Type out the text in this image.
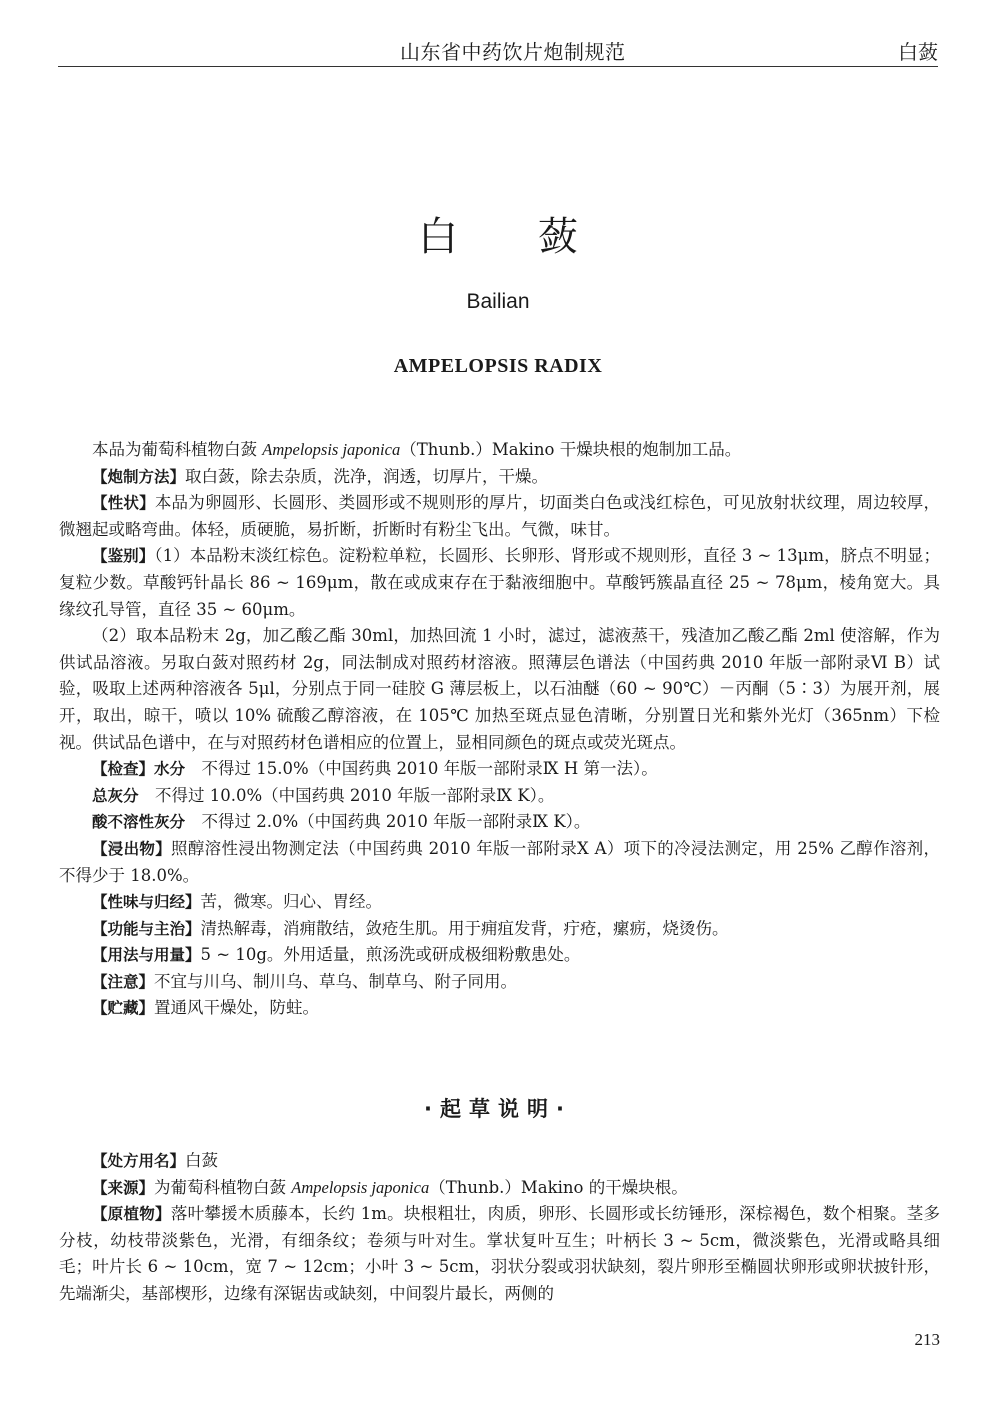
山东省中药饮片炮制规范	白蔹
白蔹
Bailian
AMPELOPSIS RADIX

本品为葡萄科植物白蔹 Ampelopsis japonica（Thunb.）Makino 干燥块根的炮制加工品。

【炮制方法】取白蔹，除去杂质，洗净，润透，切厚片，干燥。

【性状】本品为卵圆形、长圆形、类圆形或不规则形的厚片，切面类白色或浅红棕色，可见放射状纹理，周边较厚，微翘起或略弯曲。体轻，质硬脆，易折断，折断时有粉尘飞出。气微，味甘。

【鉴别】（1）本品粉末淡红棕色。淀粉粒单粒，长圆形、长卵形、肾形或不规则形，直径 3 ~ 13μm，脐点不明显；复粒少数。草酸钙针晶长 86 ~ 169μm，散在或成束存在于黏液细胞中。草酸钙簇晶直径 25 ~ 78μm，棱角宽大。具缘纹孔导管，直径 35 ~ 60μm。

（2）取本品粉末 2g，加乙酸乙酯 30ml，加热回流 1 小时，滤过，滤液蒸干，残渣加乙酸乙酯 2ml 使溶解，作为供试品溶液。另取白蔹对照药材 2g，同法制成对照药材溶液。照薄层色谱法（中国药典 2010 年版一部附录Ⅵ B）试验，吸取上述两种溶液各 5μl，分别点于同一硅胶 G 薄层板上，以石油醚（60 ~ 90℃）－丙酮（5∶3）为展开剂，展开，取出，晾干，喷以 10% 硫酸乙醇溶液，在 105℃ 加热至斑点显色清晰，分别置日光和紫外光灯（365nm）下检视。供试品色谱中，在与对照药材色谱相应的位置上，显相同颜色的斑点或荧光斑点。

【检查】水分　不得过 15.0%（中国药典 2010 年版一部附录Ⅸ H 第一法）。

总灰分　不得过 10.0%（中国药典 2010 年版一部附录Ⅸ K）。

酸不溶性灰分　不得过 2.0%（中国药典 2010 年版一部附录Ⅸ K）。

【浸出物】照醇溶性浸出物测定法（中国药典 2010 年版一部附录Ⅹ A）项下的冷浸法测定，用 25% 乙醇作溶剂，不得少于 18.0%。

【性味与归经】苦，微寒。归心、胃经。

【功能与主治】清热解毒，消痈散结，敛疮生肌。用于痈疽发背，疔疮，瘰疬，烧烫伤。

【用法与用量】5 ~ 10g。外用适量，煎汤洗或研成极细粉敷患处。

【注意】不宜与川乌、制川乌、草乌、制草乌、附子同用。

【贮藏】置通风干燥处，防蛀。

·起草说明·

【处方用名】白蔹

【来源】为葡萄科植物白蔹 Ampelopsis japonica（Thunb.）Makino 的干燥块根。

【原植物】落叶攀援木质藤本，长约 1m。块根粗壮，肉质，卵形、长圆形或长纺锤形，深棕褐色，数个相聚。茎多分枝，幼枝带淡紫色，光滑，有细条纹；卷须与叶对生。掌状复叶互生；叶柄长 3 ~ 5cm，微淡紫色，光滑或略具细毛；叶片长 6 ~ 10cm，宽 7 ~ 12cm；小叶 3 ~ 5cm，羽状分裂或羽状缺刻，裂片卵形至椭圆状卵形或卵状披针形，先端渐尖，基部楔形，边缘有深锯齿或缺刻，中间裂片最长，两侧的

213
